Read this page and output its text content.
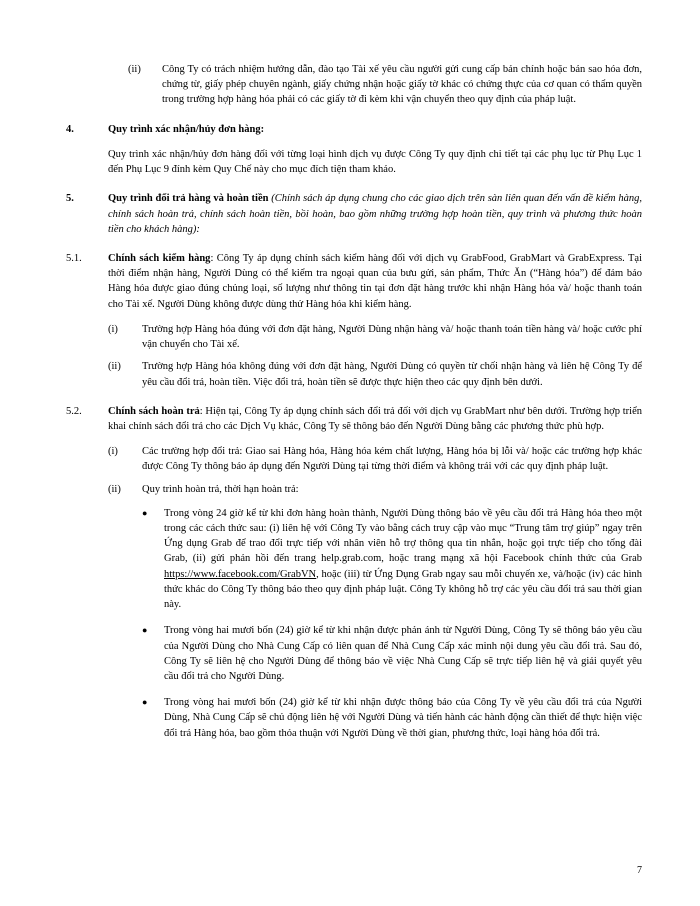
(ii)	Công Ty có trách nhiệm hướng dẫn, đào tạo Tài xế yêu cầu người gửi cung cấp bản chính hoặc bản sao hóa đơn, chứng từ, giấy phép chuyên ngành, giấy chứng nhận hoặc giấy tờ khác có chứng thực của cơ quan có thẩm quyền trong trường hợp hàng hóa phải có các giấy tờ đi kèm khi vận chuyển theo quy định của pháp luật.
4.	Quy trình xác nhận/hủy đơn hàng:
Quy trình xác nhận/hủy đơn hàng đối với từng loại hình dịch vụ được Công Ty quy định chi tiết tại các phụ lục từ Phụ Lục 1 đến Phụ Lục 9 đính kèm Quy Chế này cho mục đích tiện tham khảo.
5.	Quy trình đổi trả hàng và hoàn tiền (Chính sách áp dụng chung cho các giao dịch trên sàn liên quan đến vấn đề kiểm hàng, chính sách hoàn trả, chính sách hoàn tiền, bồi hoàn, bao gồm những trường hợp hoàn tiền, quy trình và phương thức hoàn tiền cho khách hàng):
5.1.	Chính sách kiểm hàng: Công Ty áp dụng chính sách kiểm hàng đối với dịch vụ GrabFood, GrabMart và GrabExpress. Tại thời điểm nhận hàng, Người Dùng có thể kiểm tra ngoại quan của bưu gửi, sản phẩm, Thức Ăn (“Hàng hóa”) để đảm bảo Hàng hóa được giao đúng chủng loại, số lượng như thông tin tại đơn đặt hàng trước khi nhận Hàng hóa và/ hoặc thanh toán cho Tài xế. Người Dùng không được dùng thử Hàng hóa khi kiểm hàng.
(i)	Trường hợp Hàng hóa đúng với đơn đặt hàng, Người Dùng nhận hàng và/ hoặc thanh toán tiền hàng và/ hoặc cước phí vận chuyển cho Tài xế.
(ii)	Trường hợp Hàng hóa không đúng với đơn đặt hàng, Người Dùng có quyền từ chối nhận hàng và liên hệ Công Ty để yêu cầu đổi trả, hoàn tiền. Việc đổi trả, hoàn tiền sẽ được thực hiện theo các quy định bên dưới.
5.2.	Chính sách hoàn trả: Hiện tại, Công Ty áp dụng chính sách đổi trả đối với dịch vụ GrabMart như bên dưới. Trường hợp triển khai chính sách đổi trả cho các Dịch Vụ khác, Công Ty sẽ thông báo đến Người Dùng bằng các phương thức phù hợp.
(i)	Các trường hợp đổi trả: Giao sai Hàng hóa, Hàng hóa kém chất lượng, Hàng hóa bị lỗi và/ hoặc các trường hợp khác được Công Ty thông báo áp dụng đến Người Dùng tại từng thời điểm và không trái với các quy định pháp luật.
(ii)	Quy trình hoàn trả, thời hạn hoàn trả:
●	Trong vòng 24 giờ kể từ khi đơn hàng hoàn thành, Người Dùng thông báo về yêu cầu đổi trả Hàng hóa theo một trong các cách thức sau: (i) liên hệ với Công Ty vào bằng cách truy cập vào mục “Trung tâm trợ giúp” ngay trên Ứng dụng Grab để trao đổi trực tiếp với nhân viên hỗ trợ thông qua tin nhắn, hoặc gọi trực tiếp cho tổng đài Grab, (ii) gửi phản hồi đến trang help.grab.com, hoặc trang mạng xã hội Facebook chính thức của Grab https://www.facebook.com/GrabVN, hoặc (iii) từ Ứng Dụng Grab ngay sau mỗi chuyến xe, và/hoặc (iv) các hình thức khác do Công Ty thông báo theo quy định pháp luật. Công Ty không hỗ trợ các yêu cầu đổi trả sau thời gian này.
●	Trong vòng hai mươi bốn (24) giờ kể từ khi nhận được phản ánh từ Người Dùng, Công Ty sẽ thông báo yêu cầu của Người Dùng cho Nhà Cung Cấp có liên quan để Nhà Cung Cấp xác minh nội dung yêu cầu đổi trả. Sau đó, Công Ty sẽ liên hệ cho Người Dùng để thông báo về việc Nhà Cung Cấp sẽ trực tiếp liên hệ và giải quyết yêu cầu đổi trả cho Người Dùng.
●	Trong vòng hai mươi bốn (24) giờ kể từ khi nhận được thông báo của Công Ty về yêu cầu đổi trả của Người Dùng, Nhà Cung Cấp sẽ chủ động liên hệ với Người Dùng và tiến hành các hành động cần thiết để thực hiện việc đổi trả Hàng hóa, bao gồm thỏa thuận với Người Dùng về thời gian, phương thức, loại hàng hóa đổi trả.
7
